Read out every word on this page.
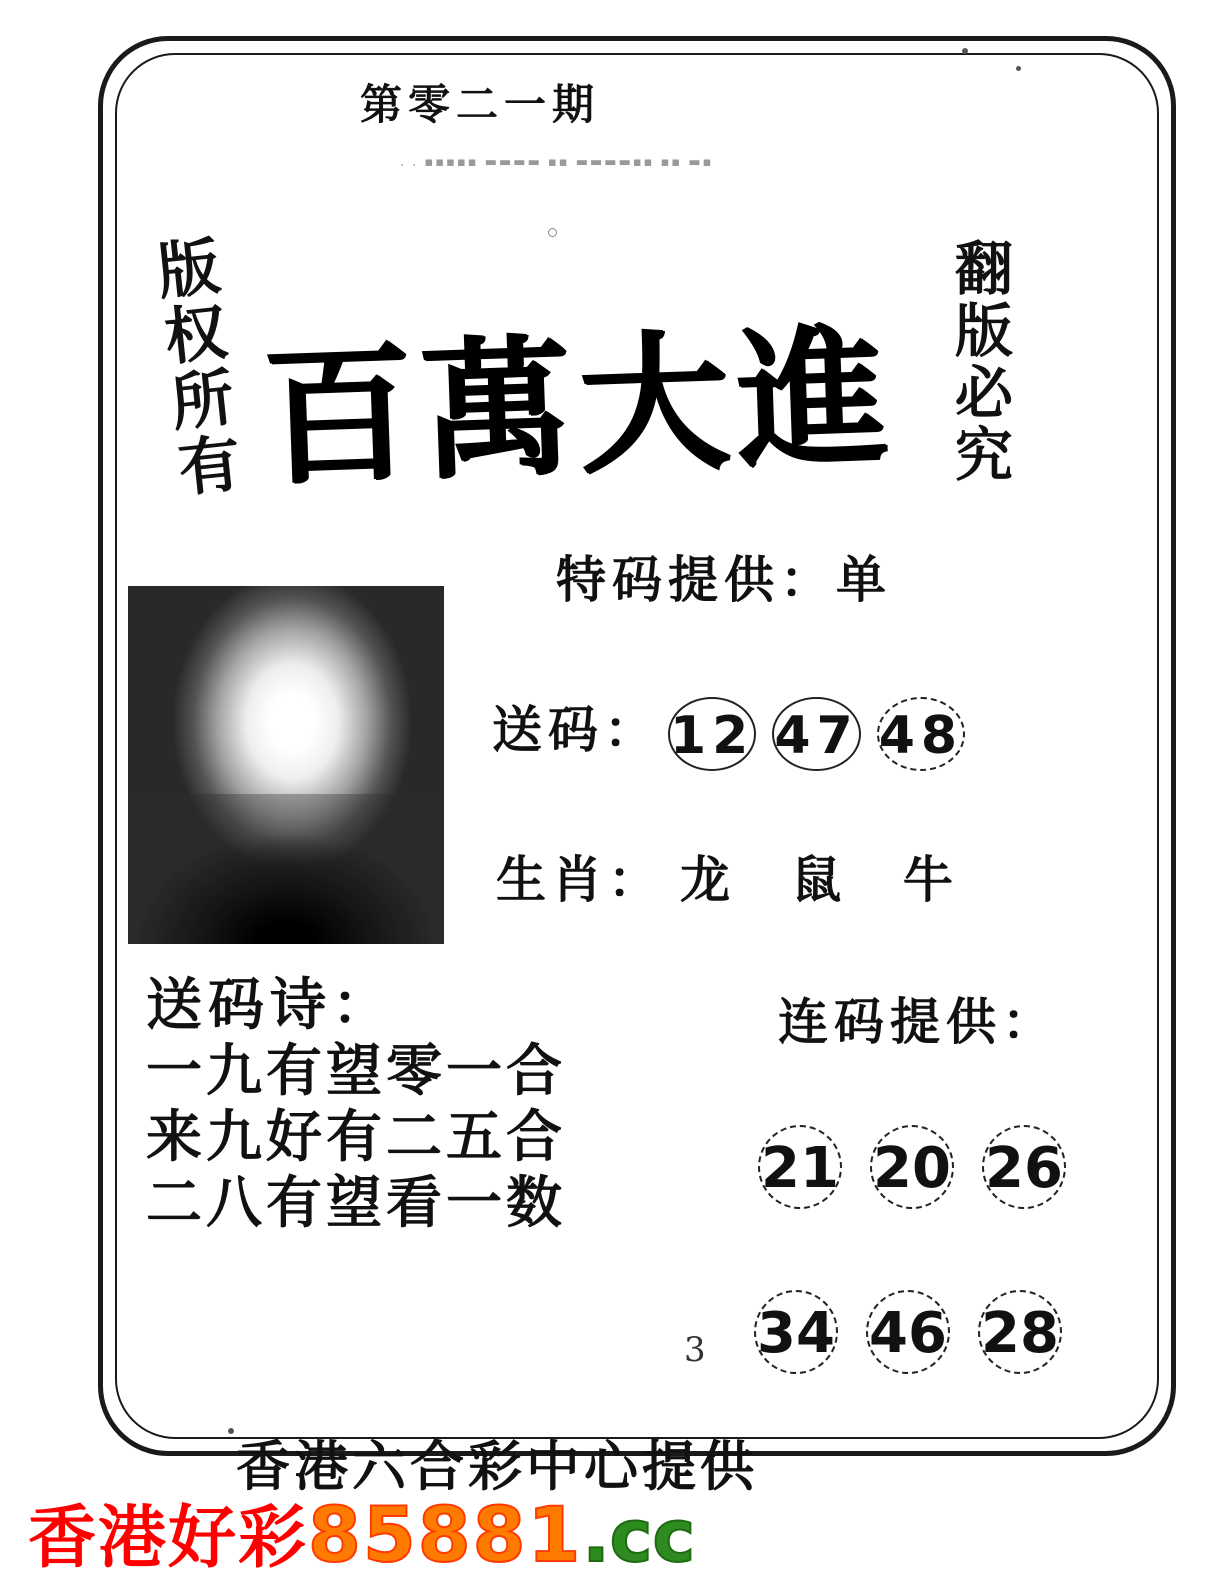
第零二一期
. . ▪▪▪▪▪ ▬▬▬▬ ▪▪ ▬▬▬▬▪▪ ▪▪ ▬▪
版权所有	翻版必究
百萬大進
特码提供：单
送码： 12 47 48
生肖： 龙 鼠 牛
送码诗：
一九有望零一合
来九好有二五合
二八有望看一数
连码提供：
21 20 26
34 46 28
3
香港六合彩中心提供
香港好彩85881.cc
